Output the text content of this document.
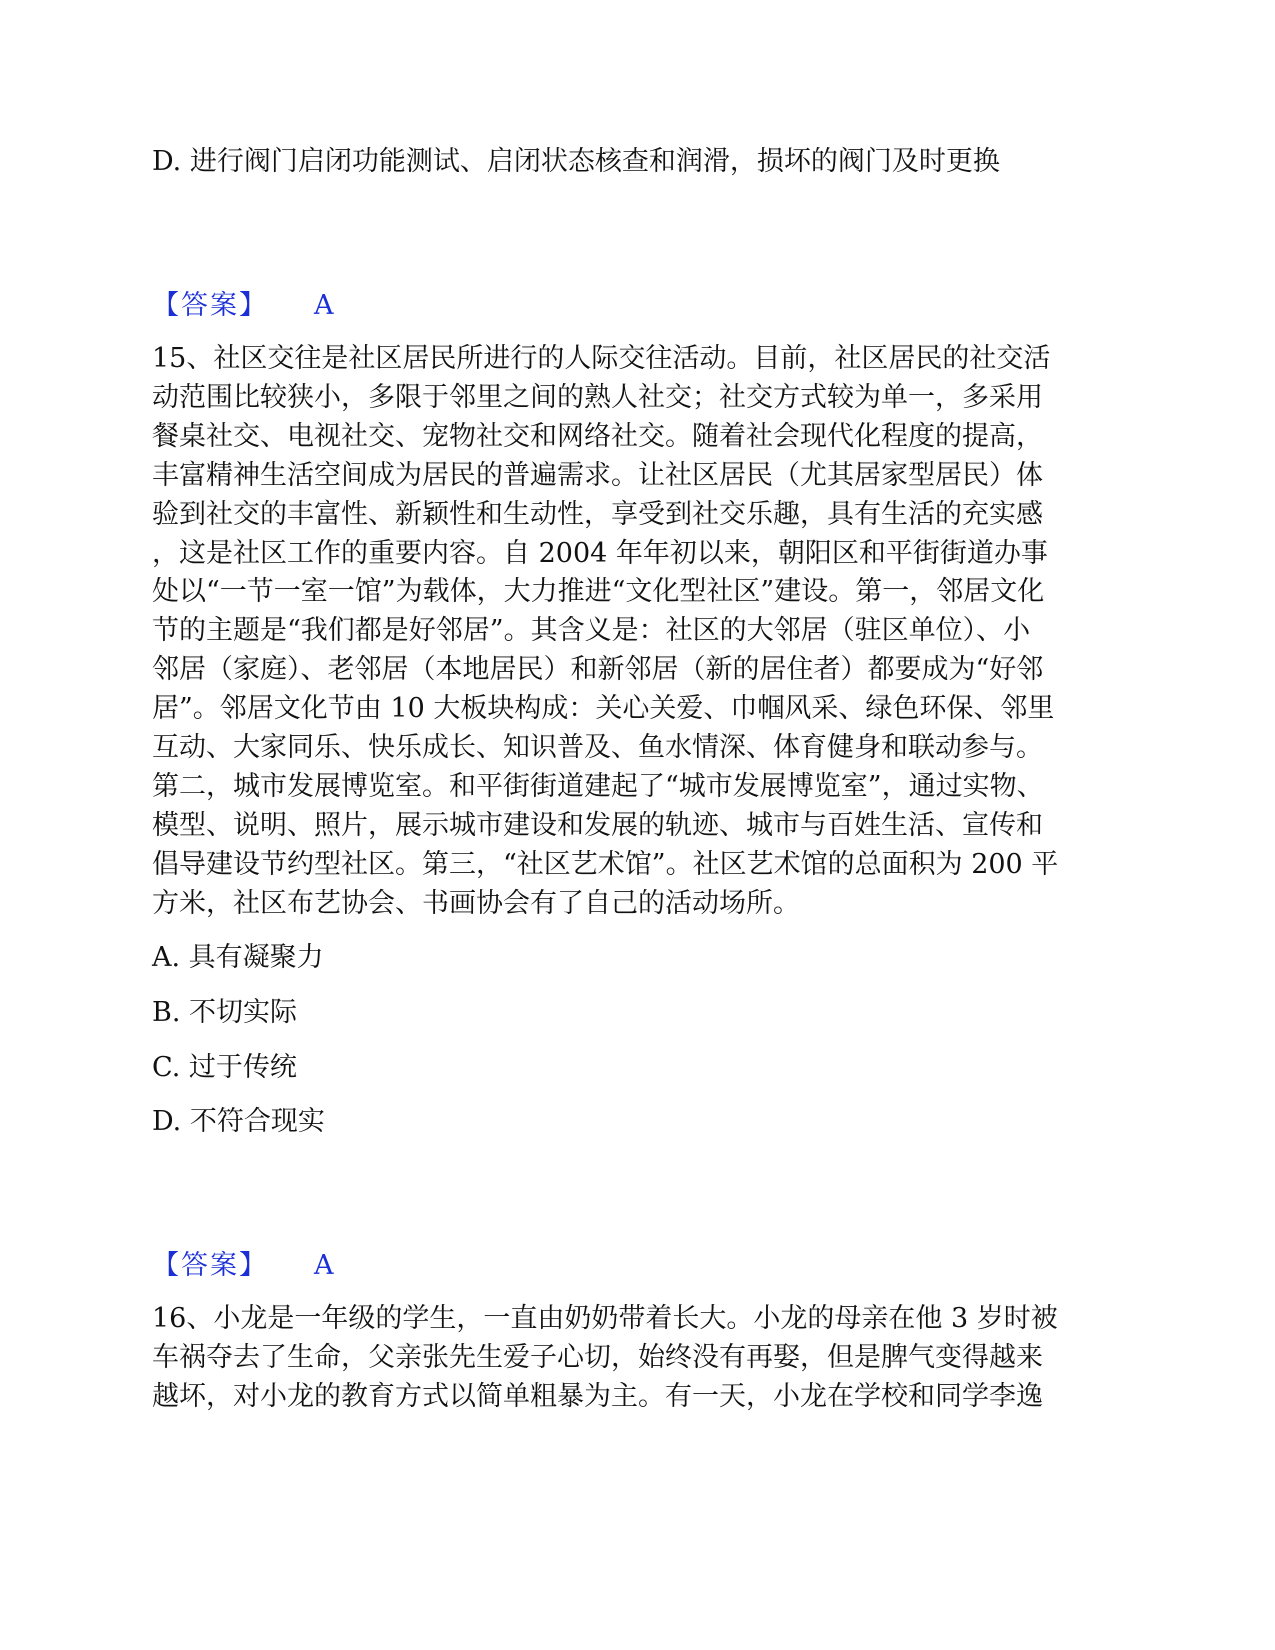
D. 进行阀门启闭功能测试、启闭状态核查和润滑，损坏的阀门及时更换
【答案】 A
15、社区交往是社区居民所进行的人际交往活动。目前，社区居民的社交活
动范围比较狭小，多限于邻里之间的熟人社交；社交方式较为单一，多采用
餐桌社交、电视社交、宠物社交和网络社交。随着社会现代化程度的提高，
丰富精神生活空间成为居民的普遍需求。让社区居民（尤其居家型居民）体
验到社交的丰富性、新颖性和生动性，享受到社交乐趣，具有生活的充实感
，这是社区工作的重要内容。自 2004 年年初以来，朝阳区和平街街道办事
处以“一节一室一馆”为载体，大力推进“文化型社区”建设。第一，邻居文化
节的主题是“我们都是好邻居”。其含义是：社区的大邻居（驻区单位）、小
邻居（家庭）、老邻居（本地居民）和新邻居（新的居住者）都要成为“好邻
居”。邻居文化节由 10 大板块构成：关心关爱、巾帼风采、绿色环保、邻里
互动、大家同乐、快乐成长、知识普及、鱼水情深、体育健身和联动参与。
第二，城市发展博览室。和平街街道建起了“城市发展博览室”，通过实物、
模型、说明、照片，展示城市建设和发展的轨迹、城市与百姓生活、宣传和
倡导建设节约型社区。第三，“社区艺术馆”。社区艺术馆的总面积为 200 平
方米，社区布艺协会、书画协会有了自己的活动场所。
A. 具有凝聚力
B. 不切实际
C. 过于传统
D. 不符合现实
【答案】 A
16、小龙是一年级的学生，一直由奶奶带着长大。小龙的母亲在他 3 岁时被
车祸夺去了生命，父亲张先生爱子心切，始终没有再娶，但是脾气变得越来
越坏，对小龙的教育方式以简单粗暴为主。有一天，小龙在学校和同学李逸
